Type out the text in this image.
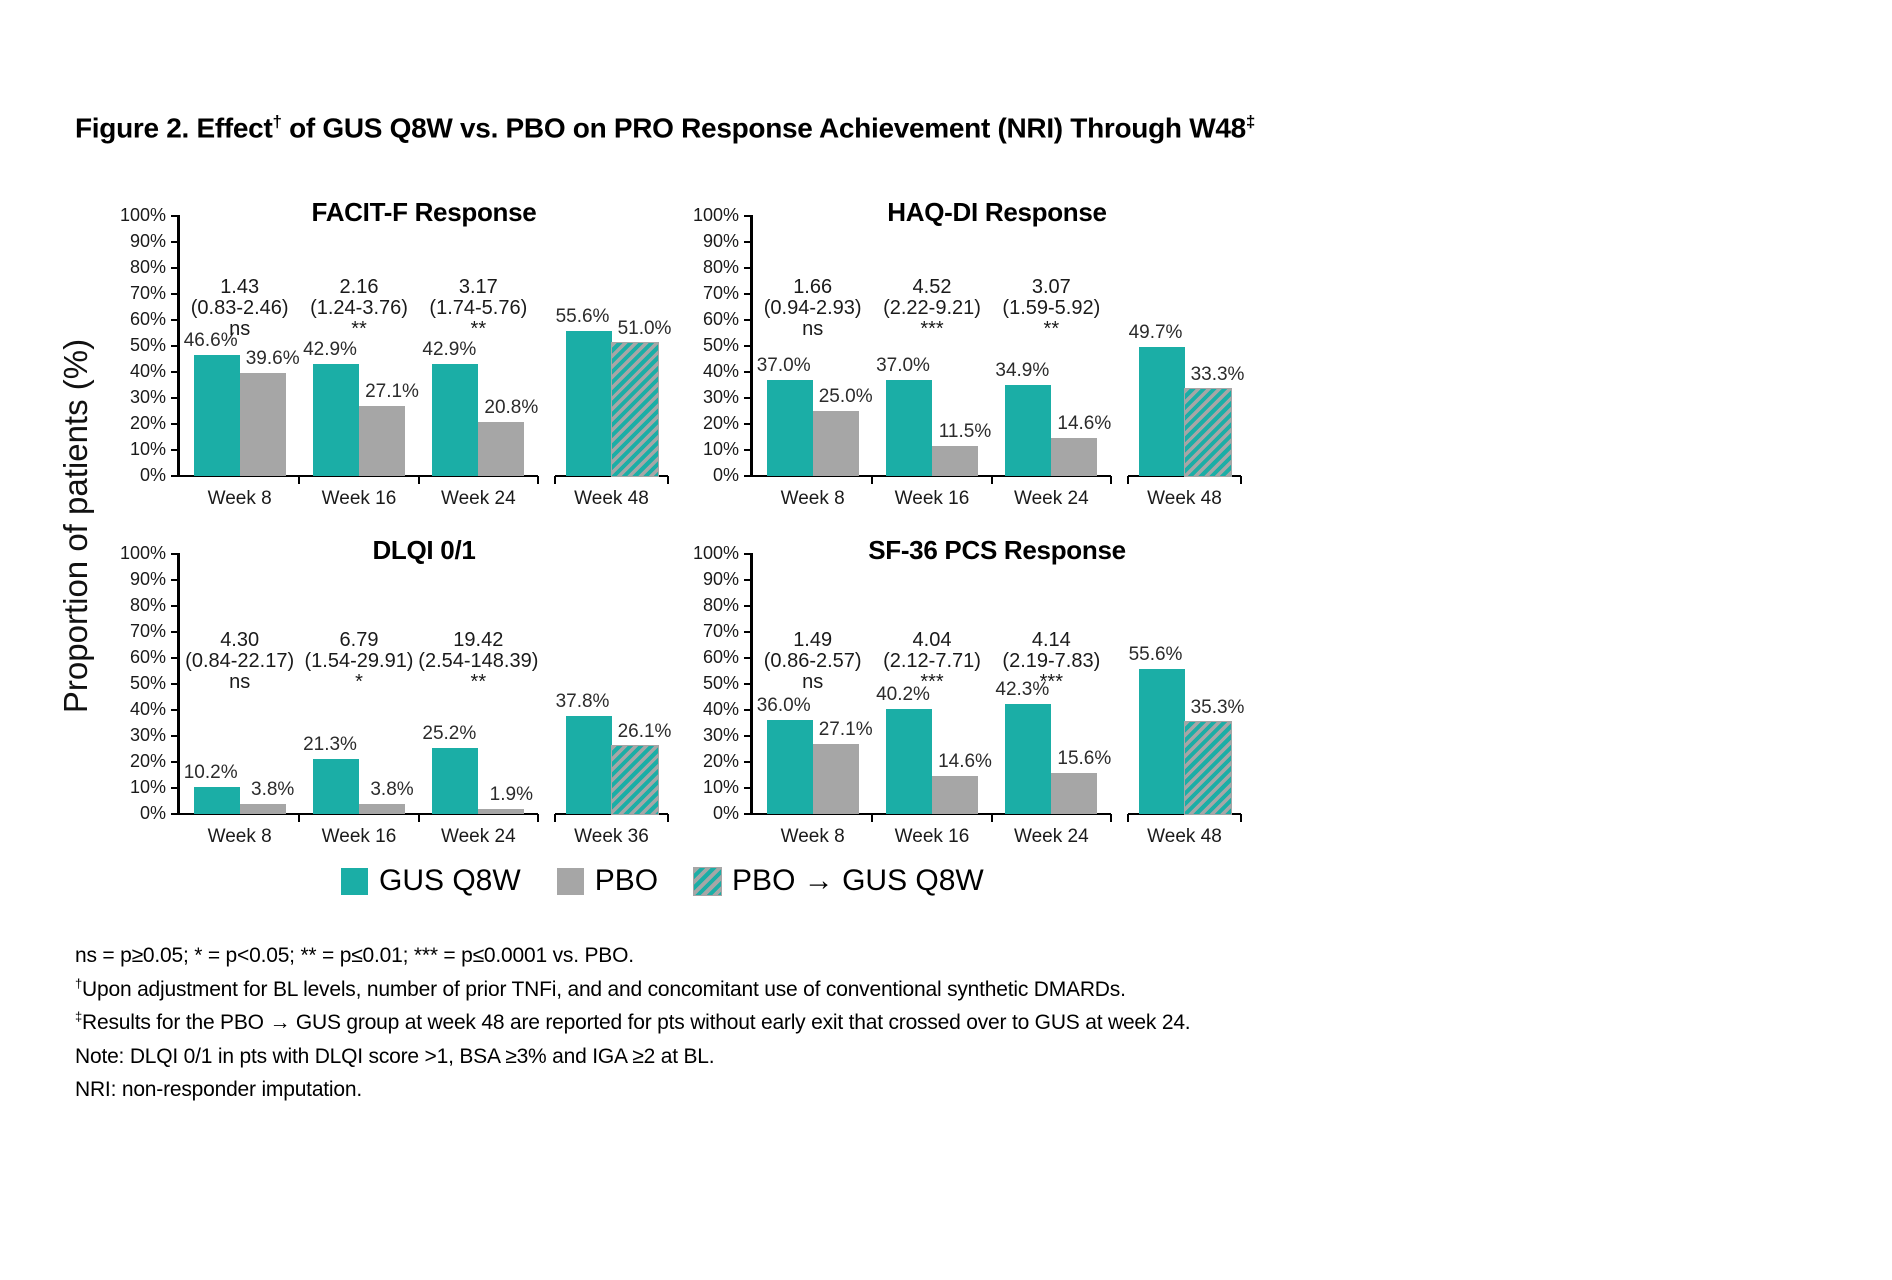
Figure 2. Effect† of GUS Q8W vs. PBO on PRO Response Achievement (NRI) Through W48‡
Proportion of patients (%)
FACIT-F Response
0%
10%
20%
30%
40%
50%
60%
70%
80%
90%
100%
46.6%
39.6%
Week 8
1.43
(0.83-2.46)
ns
42.9%
27.1%
Week 16
2.16
(1.24-3.76)
**
42.9%
20.8%
Week 24
3.17
(1.74-5.76)
**
55.6%
51.0%
Week 48
HAQ-DI Response
0%
10%
20%
30%
40%
50%
60%
70%
80%
90%
100%
37.0%
25.0%
Week 8
1.66
(0.94-2.93)
ns
37.0%
11.5%
Week 16
4.52
(2.22-9.21)
***
34.9%
14.6%
Week 24
3.07
(1.59-5.92)
**	49.7%
33.3%
Week 48
DLQI 0/1
0%
10%
20%
30%
40%
50%
60%
70%
80%
90%
100%
10.2%
3.8%
Week 8
4.30
(0.84-22.17)
ns
21.3%
3.8%
Week 16
6.79
(1.54-29.91)
*
25.2%
1.9%
Week 24
19.42
(2.54-148.39)
**
37.8%
26.1%
Week 36
SF-36 PCS Response
0%
10%
20%
30%
40%
50%
60%
70%
80%
90%
100%
36.0%
27.1%
Week 8
1.49
(0.86-2.57)
ns
40.2%
14.6%
Week 16
4.04
(2.12-7.71)
***	42.3%
15.6%
Week 24
4.14
(2.19-7.83)
***
55.6%
35.3%
Week 48
GUS Q8W PBO PBO → GUS Q8W
ns = p≥0.05; * = p<0.05; ** = p≤0.01; *** = p≤0.0001 vs. PBO.
†Upon adjustment for BL levels, number of prior TNFi, and and concomitant use of conventional synthetic DMARDs.
‡Results for the PBO → GUS group at week 48 are reported for pts without early exit that crossed over to GUS at week 24.
Note: DLQI 0/1 in pts with DLQI score >1, BSA ≥3% and IGA ≥2 at BL.
NRI: non-responder imputation.
